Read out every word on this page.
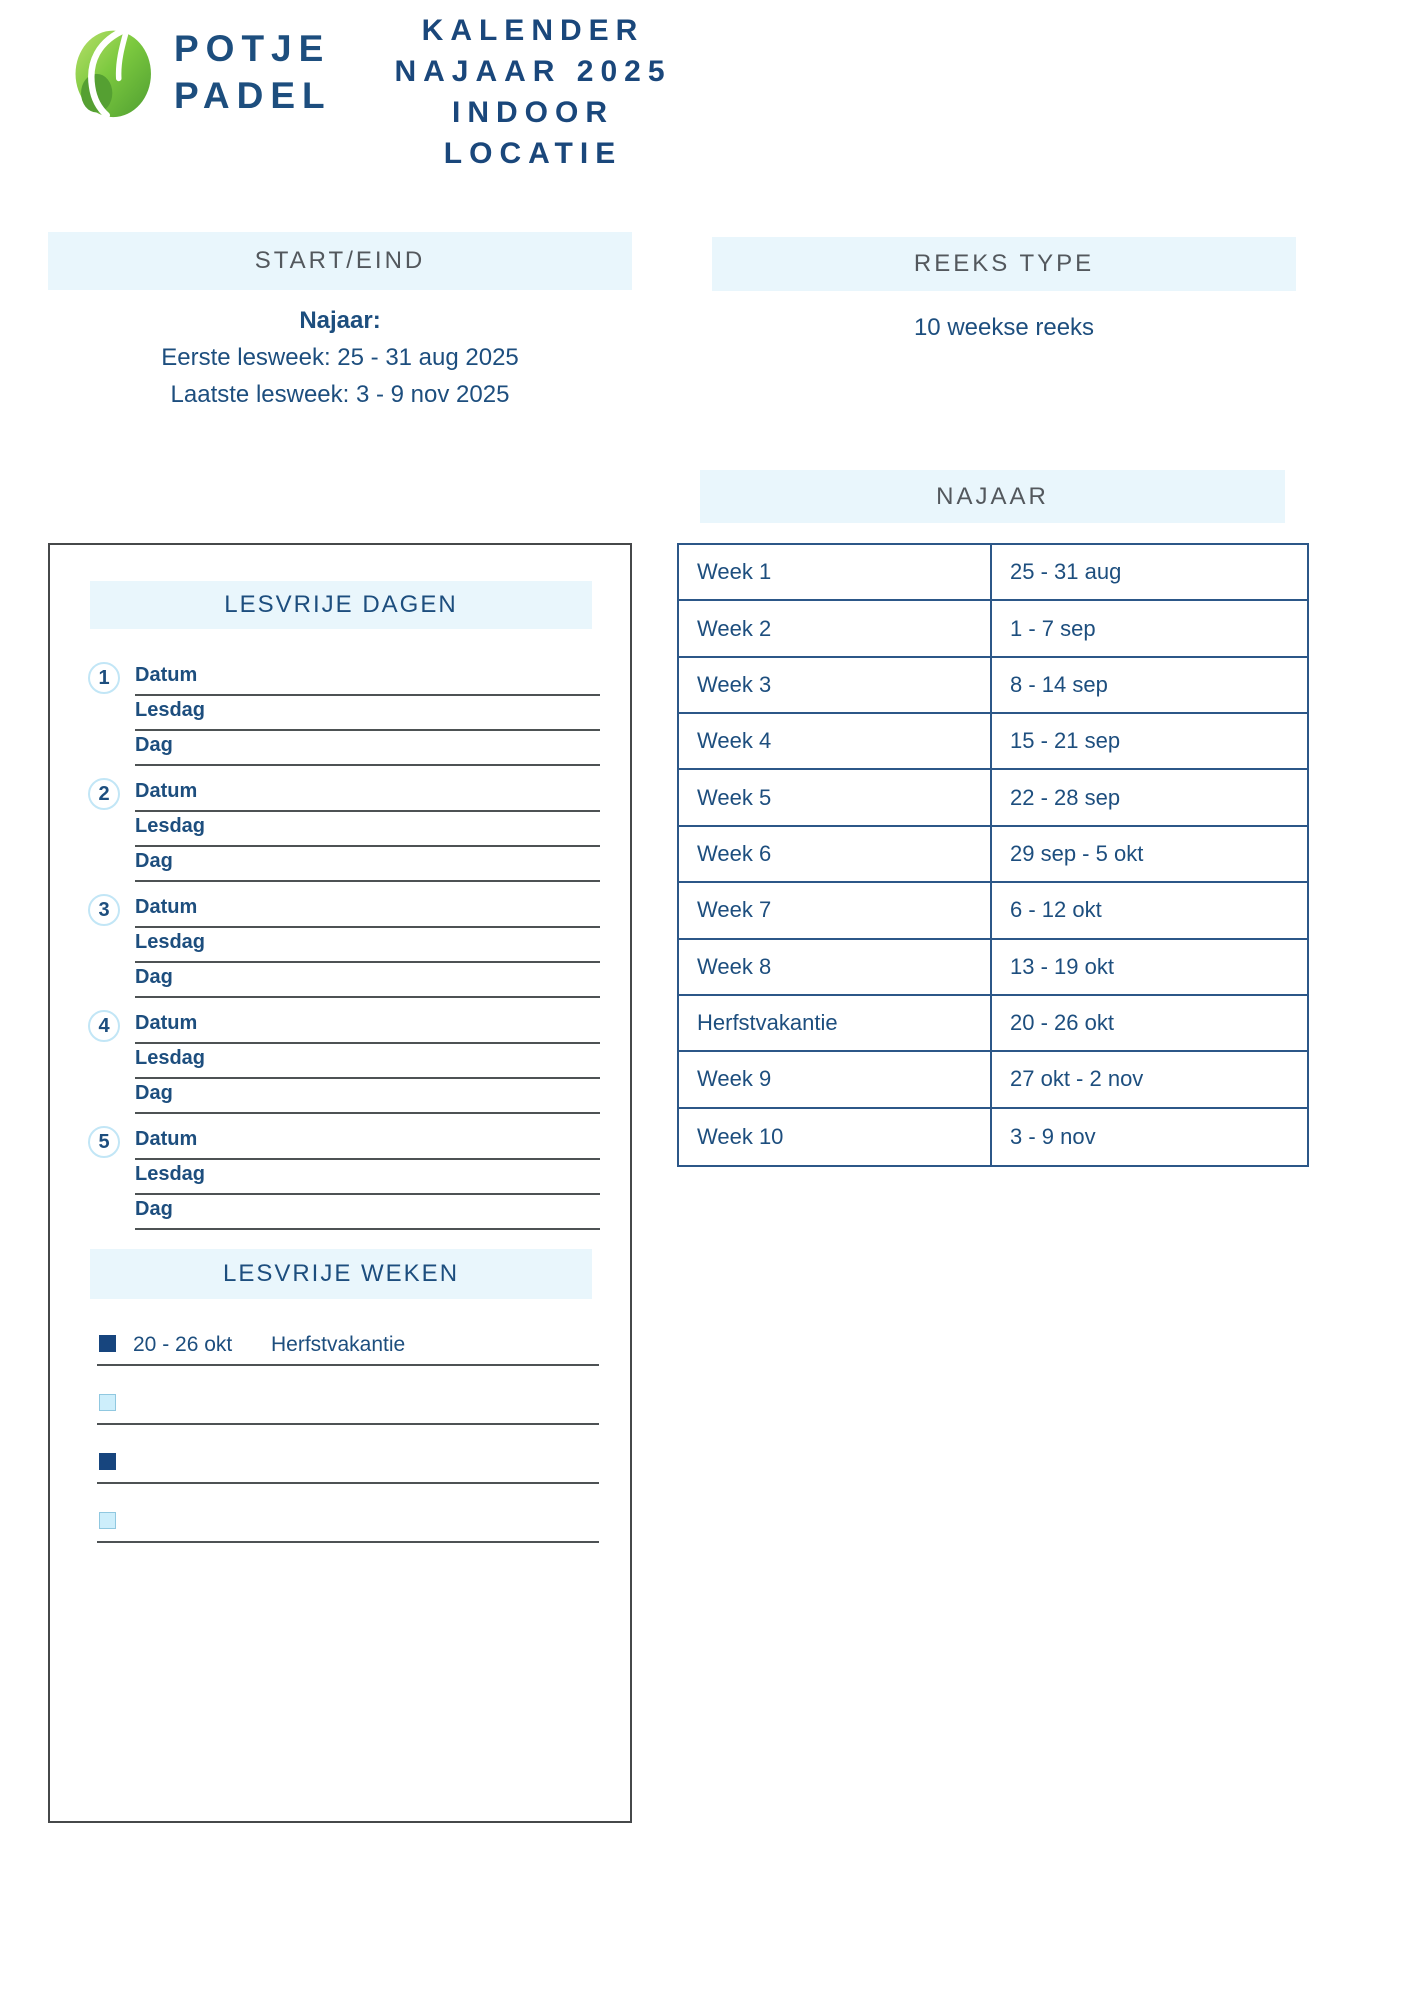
POTJE
PADEL
KALENDER
NAJAAR 2025
INDOOR LOCATIE
START/EIND
Najaar:
Eerste lesweek: 25 - 31 aug 2025
Laatste lesweek: 3 - 9 nov 2025
REEKS TYPE
10 weekse reeks
NAJAAR
Week 1	25 - 31 aug
Week 2	1 - 7 sep
Week 3	8 - 14 sep
Week 4	15 - 21 sep
Week 5	22 - 28 sep
Week 6	29 sep - 5 okt
Week 7	6 - 12 okt
Week 8	13 - 19 okt
Herfstvakantie	20 - 26 okt
Week 9	27 okt - 2 nov
Week 10	3 - 9 nov
LESVRIJE DAGEN
1	Datum
Lesdag
Dag
2	Datum
Lesdag
Dag
3	Datum
Lesdag
Dag
4	Datum
Lesdag
Dag
5	Datum
Lesdag
Dag
LESVRIJE WEKEN
20 - 26 okt Herfstvakantie
